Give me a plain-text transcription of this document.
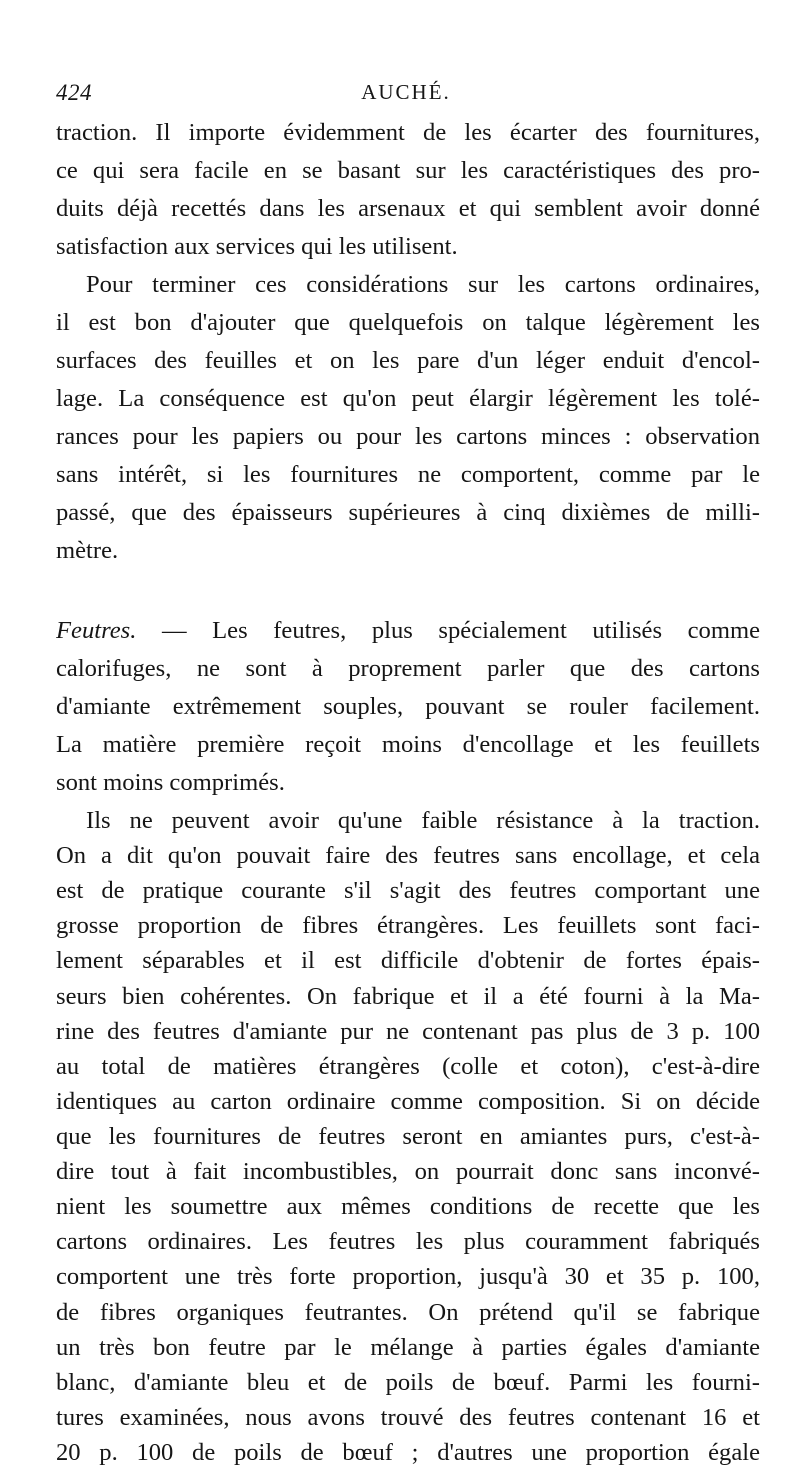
424	AUCHÉ.
traction. Il importe évidemment de les écarter des fournitures,
ce qui sera facile en se basant sur les caractéristiques des pro-
duits déjà recettés dans les arsenaux et qui semblent avoir donné
satisfaction aux services qui les utilisent.
Pour terminer ces considérations sur les cartons ordinaires,
il est bon d'ajouter que quelquefois on talque légèrement les
surfaces des feuilles et on les pare d'un léger enduit d'encol-
lage. La conséquence est qu'on peut élargir légèrement les tolé-
rances pour les papiers ou pour les cartons minces : observation
sans intérêt, si les fournitures ne comportent, comme par le
passé, que des épaisseurs supérieures à cinq dixièmes de milli-
mètre.
Feutres. — Les feutres, plus spécialement utilisés comme
calorifuges, ne sont à proprement parler que des cartons
d'amiante extrêmement souples, pouvant se rouler facilement.
La matière première reçoit moins d'encollage et les feuillets
sont moins comprimés.
Ils ne peuvent avoir qu'une faible résistance à la traction.
On a dit qu'on pouvait faire des feutres sans encollage, et cela
est de pratique courante s'il s'agit des feutres comportant une
grosse proportion de fibres étrangères. Les feuillets sont faci-
lement séparables et il est difficile d'obtenir de fortes épais-
seurs bien cohérentes. On fabrique et il a été fourni à la Ma-
rine des feutres d'amiante pur ne contenant pas plus de 3 p. 100
au total de matières étrangères (colle et coton), c'est-à-dire
identiques au carton ordinaire comme composition. Si on décide
que les fournitures de feutres seront en amiantes purs, c'est-à-
dire tout à fait incombustibles, on pourrait donc sans inconvé-
nient les soumettre aux mêmes conditions de recette que les
cartons ordinaires. Les feutres les plus couramment fabriqués
comportent une très forte proportion, jusqu'à 30 et 35 p. 100,
de fibres organiques feutrantes. On prétend qu'il se fabrique
un très bon feutre par le mélange à parties égales d'amiante
blanc, d'amiante bleu et de poils de bœuf. Parmi les fourni-
tures examinées, nous avons trouvé des feutres contenant 16 et
20 p. 100 de poils de bœuf ; d'autres une proportion égale
